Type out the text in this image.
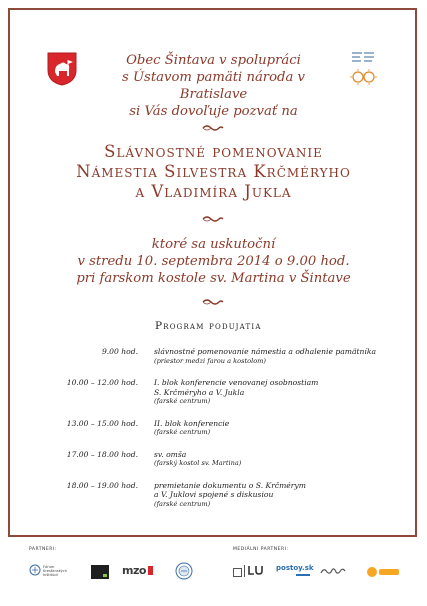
Obec Šintava v spolupráci
s Ústavom pamäti národa v Bratislave
si Vás dovoľuje pozvať na
Slávnostné pomenovanie
Námestia Silvestra Krčméryho
a Vladimíra Jukla
ktoré sa uskutoční
v stredu 10. septembra 2014 o 9.00 hod.
pri farskom kostole sv. Martina v Šintave
Program podujatia
9.00 hod.	slávnostné pomenovanie námestia a odhalenie pamätníka
(priestor medzi farou a kostolom)
10.00 – 12.00 hod.	I. blok konferencie venovanej osobnostiam
S. Krčméryho a V. Jukla
(farské centrum)
13.00 – 15.00 hod.	II. blok konferencie
(farské centrum)
17.00 – 18.00 hod.	sv. omša
(farský kostol sv. Martina)
18.00 – 19.00 hod.	premietanie dokumentu o S. Krčmérym
a V. Juklovi spojené s diskusiou
(farské centrum)
PARTNERI:	MEDIÁLNI PARTNERI:
Fórum Kresťanských Inštitúcií	mzo	postoy.sk
